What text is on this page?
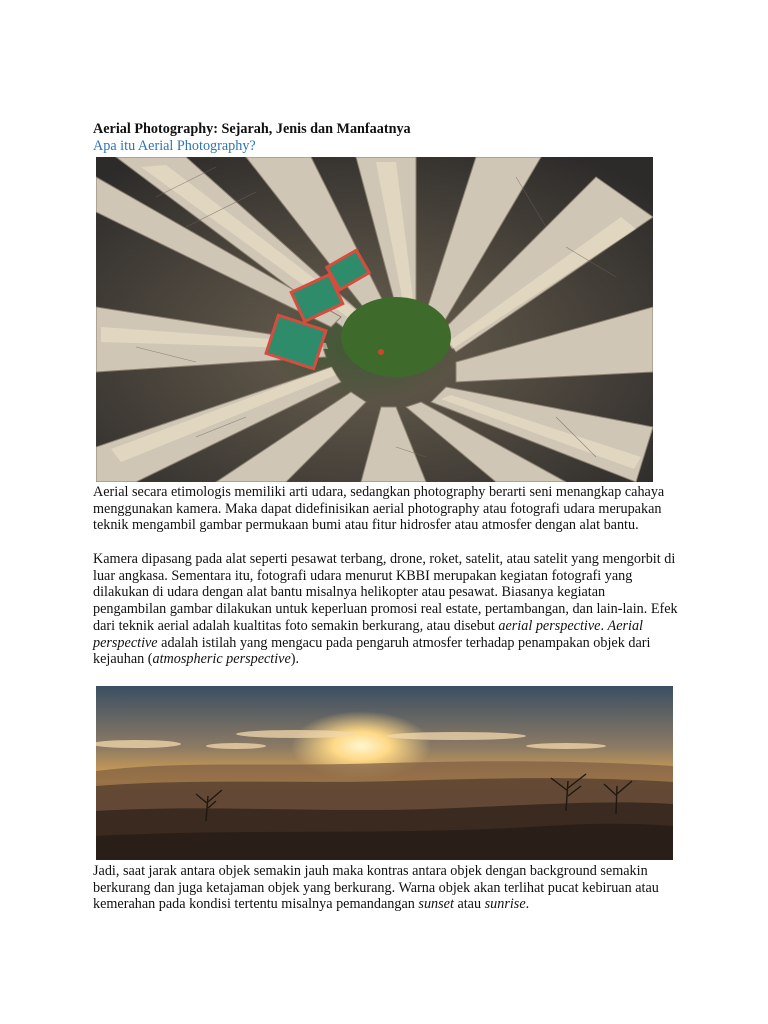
Aerial Photography: Sejarah, Jenis dan Manfaatnya
Apa itu Aerial Photography?

Aerial secara etimologis memiliki arti udara, sedangkan photography berarti seni menangkap cahaya menggunakan kamera. Maka dapat didefinisikan aerial photography atau fotografi udara merupakan teknik mengambil gambar permukaan bumi atau fitur hidrosfer atau atmosfer dengan alat bantu.

Kamera dipasang pada alat seperti pesawat terbang, drone, roket, satelit, atau satelit yang mengorbit di luar angkasa. Sementara itu, fotografi udara menurut KBBI merupakan kegiatan fotografi yang dilakukan di udara dengan alat bantu misalnya helikopter atau pesawat. Biasanya kegiatan pengambilan gambar dilakukan untuk keperluan promosi real estate, pertambangan, dan lain-lain. Efek dari teknik aerial adalah kualtitas foto semakin berkurang, atau disebut aerial perspective. Aerial perspective adalah istilah yang mengacu pada pengaruh atmosfer terhadap penampakan objek dari kejauhan (atmospheric perspective).

Jadi, saat jarak antara objek semakin jauh maka kontras antara objek dengan background semakin berkurang dan juga ketajaman objek yang berkurang. Warna objek akan terlihat pucat kebiruan atau kemerahan pada kondisi tertentu misalnya pemandangan sunset atau sunrise.
